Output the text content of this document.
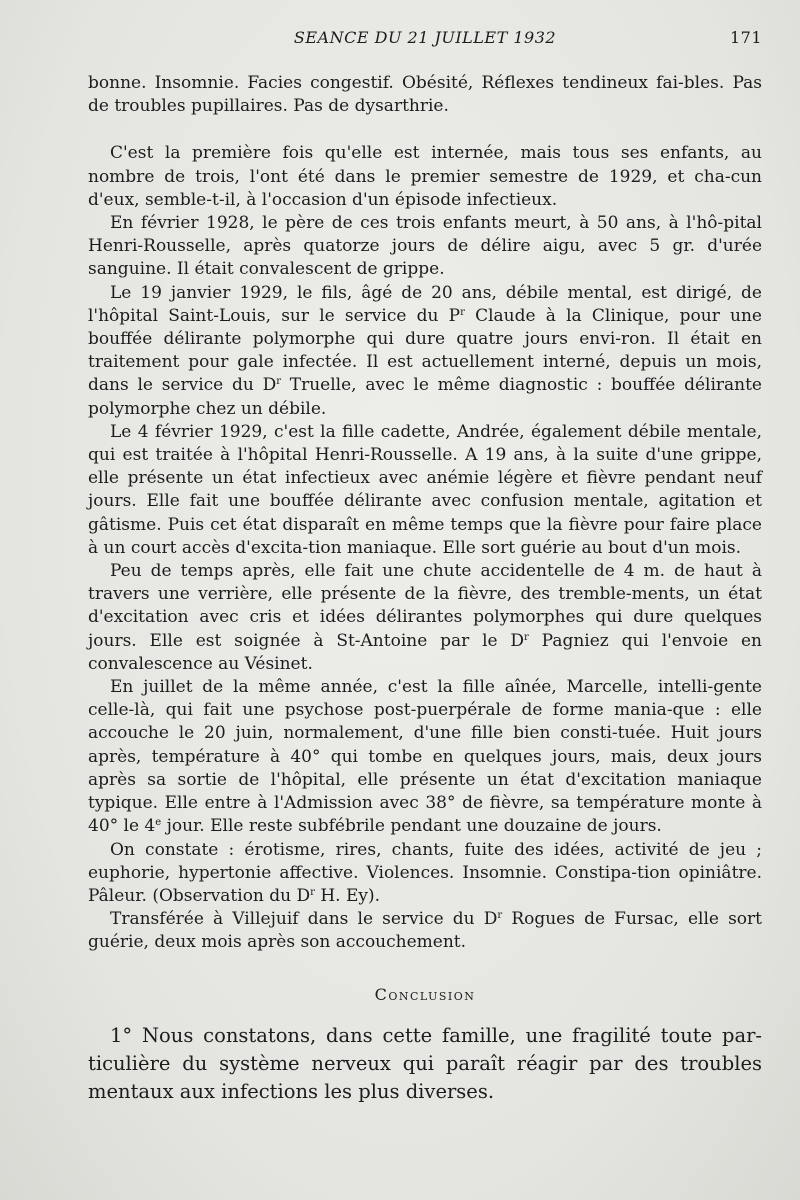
SEANCE DU 21 JUILLET 1932	171

bonne. Insomnie. Facies congestif. Obésité, Réflexes tendineux fai-bles. Pas de troubles pupillaires. Pas de dysarthrie.

C'est la première fois qu'elle est internée, mais tous ses enfants, au nombre de trois, l'ont été dans le premier semestre de 1929, et cha-cun d'eux, semble-t-il, à l'occasion d'un épisode infectieux.

En février 1928, le père de ces trois enfants meurt, à 50 ans, à l'hô-pital Henri-Rousselle, après quatorze jours de délire aigu, avec 5 gr. d'urée sanguine. Il était convalescent de grippe.

Le 19 janvier 1929, le fils, âgé de 20 ans, débile mental, est dirigé, de l'hôpital Saint-Louis, sur le service du $P^r$ Claude à la Clinique, pour une bouffée délirante polymorphe qui dure quatre jours envi-ron. Il était en traitement pour gale infectée. Il est actuellement interné, depuis un mois, dans le service du $D^r$ Truelle, avec le même diagnostic : bouffée délirante polymorphe chez un débile.

Le 4 février 1929, c'est la fille cadette, Andrée, également débile mentale, qui est traitée à l'hôpital Henri-Rousselle. A 19 ans, à la suite d'une grippe, elle présente un état infectieux avec anémie légère et fièvre pendant neuf jours. Elle fait une bouffée délirante avec confusion mentale, agitation et gâtisme. Puis cet état disparaît en même temps que la fièvre pour faire place à un court accès d'excita-tion maniaque. Elle sort guérie au bout d'un mois.

Peu de temps après, elle fait une chute accidentelle de 4 m. de haut à travers une verrière, elle présente de la fièvre, des tremble-ments, un état d'excitation avec cris et idées délirantes polymorphes qui dure quelques jours. Elle est soignée à St-Antoine par le $D^r$ Pagniez qui l'envoie en convalescence au Vésinet.

En juillet de la même année, c'est la fille aînée, Marcelle, intelli-gente celle-là, qui fait une psychose post-puerpérale de forme mania-que : elle accouche le 20 juin, normalement, d'une fille bien consti-tuée. Huit jours après, température à 40° qui tombe en quelques jours, mais, deux jours après sa sortie de l'hôpital, elle présente un état d'excitation maniaque typique. Elle entre à l'Admission avec 38° de fièvre, sa température monte à 40° le 4e jour. Elle reste subfébrile pendant une douzaine de jours.

On constate : érotisme, rires, chants, fuite des idées, activité de jeu ; euphorie, hypertonie affective. Violences. Insomnie. Constipa-tion opiniâtre. Pâleur. (Observation du $D^r$ H. Ey).

Transférée à Villejuif dans le service du $D^r$ Rogues de Fursac, elle sort guérie, deux mois après son accouchement.

Conclusion

1° Nous constatons, dans cette famille, une fragilité toute par-ticulière du système nerveux qui paraît réagir par des troubles mentaux aux infections les plus diverses.
